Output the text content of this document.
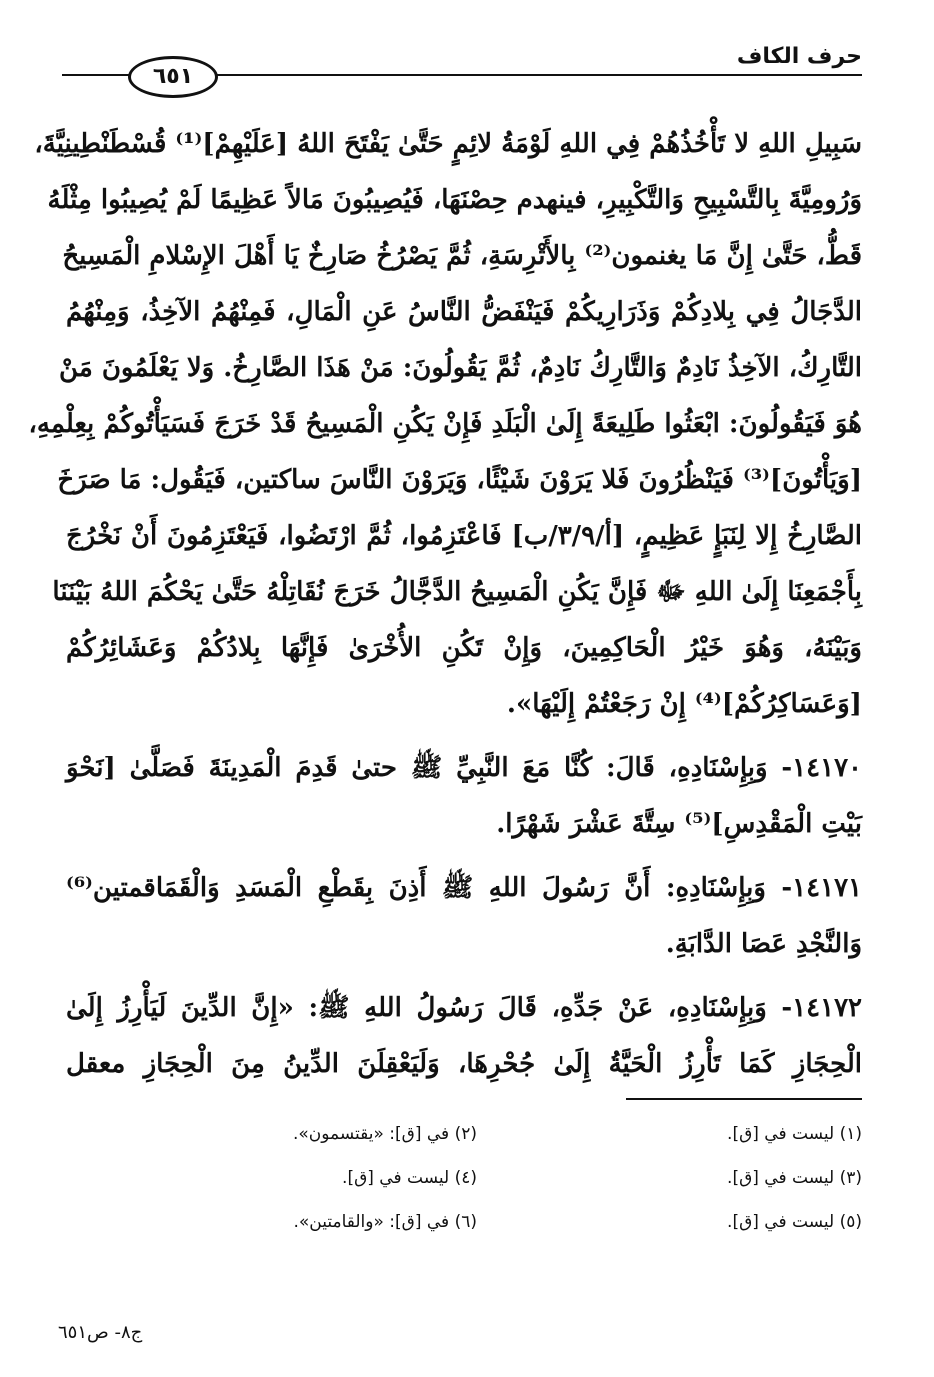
حرف الكاف
٦٥١
سَبِيلِ اللهِ لا تَأْخُذُهُمْ فِي اللهِ لَوْمَةُ لائِمٍ حَتَّىٰ يَفْتَحَ اللهُ [عَلَيْهِمْ]⁽¹⁾ قُسْطَنْطِينِيَّةَ،
وَرُومِيَّةَ بِالتَّسْبِيحِ وَالتَّكْبِيرِ، فينهدم حِصْنَهَا، فَيُصِيبُونَ مَالاً عَظِيمًا لَمْ يُصِيبُوا مِثْلَهُ
قَطُّ، حَتَّىٰ إِنَّ مَا يغنمون⁽²⁾ بِالأَتْرِسَةِ، ثُمَّ يَصْرُخُ صَارِخٌ يَا أَهْلَ الإِسْلامِ الْمَسِيحُ
الدَّجَالُ فِي بِلادِكُمْ وَذَرَارِيكُمْ فَيَنْفَضُّ النَّاسُ عَنِ الْمَالِ، فَمِنْهُمُ الآخِذُ، وَمِنْهُمُ
التَّارِكُ، الآخِذُ نَادِمٌ وَالتَّارِكُ نَادِمٌ، ثُمَّ يَقُولُونَ: مَنْ هَذَا الصَّارِخُ. وَلا يَعْلَمُونَ مَنْ
هُوَ فَيَقُولُونَ: ابْعَثُوا طَلِيعَةً إِلَىٰ الْبَلَدِ فَإِنْ يَكُنِ الْمَسِيحُ قَدْ خَرَجَ فَسَيَأْتُوكُمْ بِعِلْمِهِ،
[وَيَأْتُونَ]⁽³⁾ فَيَنْظُرُونَ فَلا يَرَوْنَ شَيْئًا، وَيَرَوْنَ النَّاسَ ساكتين، فَيَقُول: مَا صَرَخَ
الصَّارِخُ إِلا لِنَبَإٍ عَظِيمٍ، [أ/٣/٩/ب] فَاعْتَزِمُوا، ثُمَّ ارْتَضُوا، فَيَعْتَزِمُونَ أَنْ نَخْرُجَ
بِأَجْمَعِنَا إِلَىٰ اللهِ ﷻ فَإِنَّ يَكُنِ الْمَسِيحُ الدَّجَّالُ خَرَجَ نُقَاتِلْهُ حَتَّىٰ يَحْكُمَ اللهُ بَيْنَنَا
وَبَيْنَهُ، وَهُوَ خَيْرُ الْحَاكِمِينَ، وَإِنْ تَكُنِ الأُخْرَىٰ فَإِنَّهَا بِلادُكُمْ وَعَشَائِرُكُمْ
[وَعَسَاكِرُكُمْ]⁽⁴⁾ إِنْ رَجَعْتُمْ إِلَيْهَا».
١٤١٧٠- وَبِإِسْنَادِهِ، قَالَ: كُنَّا مَعَ النَّبِيِّ ﷺ حتىٰ قَدِمَ الْمَدِينَةَ فَصَلَّىٰ [نَحْوَ
بَيْتِ الْمَقْدِسِ]⁽⁵⁾ سِتَّةَ عَشْرَ شَهْرًا.
١٤١٧١- وَبِإِسْنَادِهِ: أَنَّ رَسُولَ اللهِ ﷺ أَذِنَ بِقَطْعِ الْمَسَدِ وَالْقَمَاقمتين⁽⁶⁾
وَالنَّجْدِ عَصَا الدَّابَةِ.
١٤١٧٢- وَبِإِسْنَادِهِ، عَنْ جَدِّهِ، قَالَ رَسُولُ اللهِ ﷺ: «إِنَّ الدِّينَ لَيَأْرِزُ إِلَىٰ
الْحِجَازِ كَمَا تَأْرِزُ الْحَيَّةُ إِلَىٰ جُحْرِهَا، وَلَيَعْقِلَنَ الدِّينُ مِنَ الْحِجَازِ معقل
(١) ليست في [ق].
(٢) في [ق]: «يقتسمون».
(٣) ليست في [ق].
(٤) ليست في [ق].
(٥) ليست في [ق].
(٦) في [ق]: «والقامتين».
ج٨- ص٦٥١
